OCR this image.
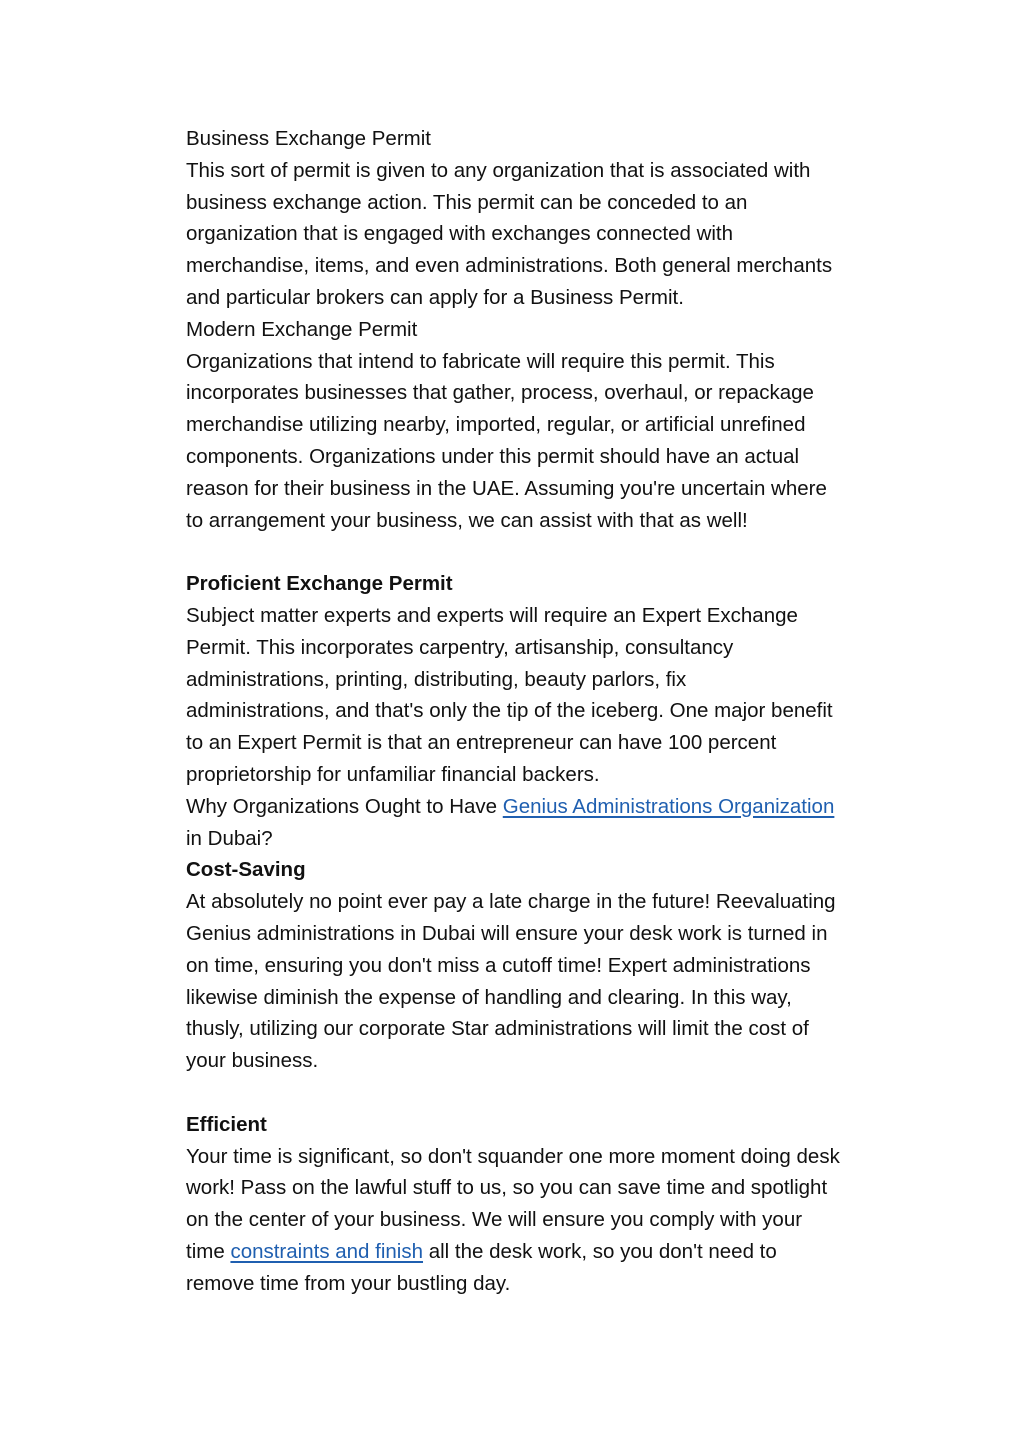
Business Exchange Permit
This sort of permit is given to any organization that is associated with
business exchange action. This permit can be conceded to an
organization that is engaged with exchanges connected with
merchandise, items, and even administrations. Both general merchants
and particular brokers can apply for a Business Permit.
Modern Exchange Permit
Organizations that intend to fabricate will require this permit. This
incorporates businesses that gather, process, overhaul, or repackage
merchandise utilizing nearby, imported, regular, or artificial unrefined
components. Organizations under this permit should have an actual
reason for their business in the UAE. Assuming you're uncertain where
to arrangement your business, we can assist with that as well!
Proficient Exchange Permit
Subject matter experts and experts will require an Expert Exchange
Permit. This incorporates carpentry, artisanship, consultancy
administrations, printing, distributing, beauty parlors, fix
administrations, and that's only the tip of the iceberg. One major benefit
to an Expert Permit is that an entrepreneur can have 100 percent
proprietorship for unfamiliar financial backers.
Why Organizations Ought to Have Genius Administrations Organization
in Dubai?
Cost-Saving
At absolutely no point ever pay a late charge in the future! Reevaluating
Genius administrations in Dubai will ensure your desk work is turned in
on time, ensuring you don't miss a cutoff time! Expert administrations
likewise diminish the expense of handling and clearing. In this way,
thusly, utilizing our corporate Star administrations will limit the cost of
your business.
Efficient
Your time is significant, so don't squander one more moment doing desk
work! Pass on the lawful stuff to us, so you can save time and spotlight
on the center of your business. We will ensure you comply with your
time constraints and finish all the desk work, so you don't need to
remove time from your bustling day.
